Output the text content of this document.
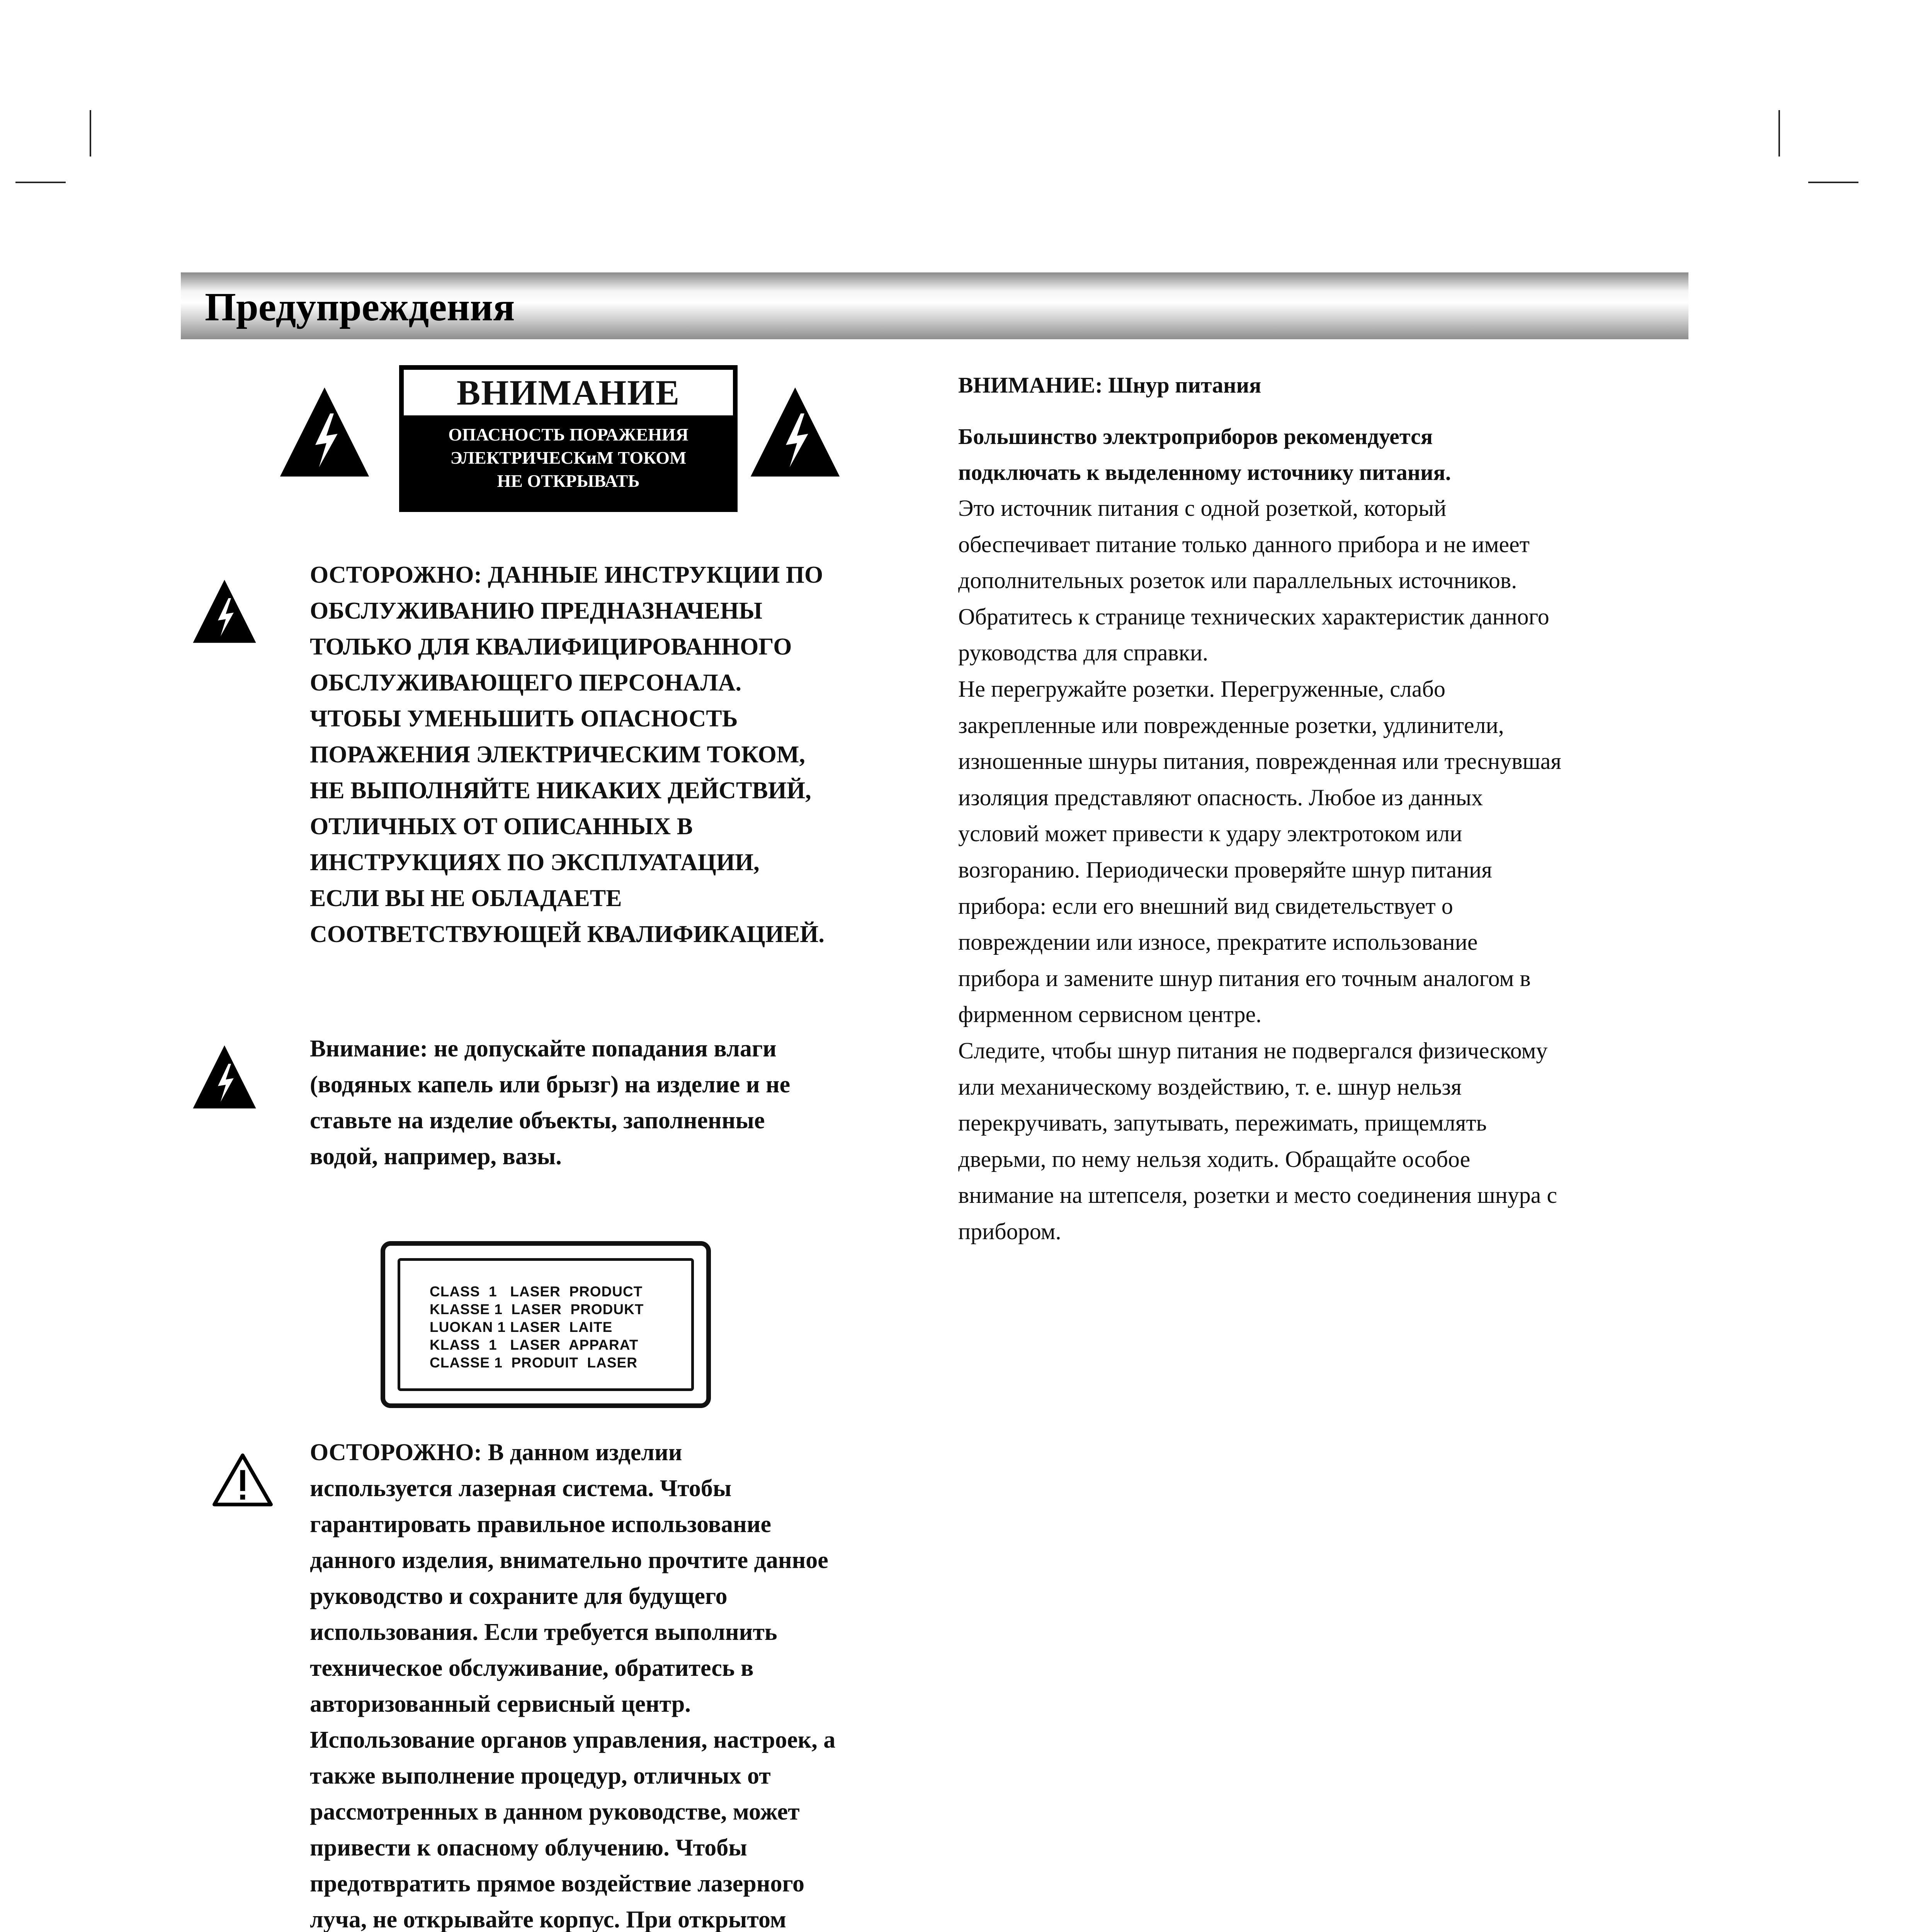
Предупреждения
ВНИМАНИЕ
ОПАСНОСТЬ ПОРАЖЕНИЯ
ЭЛЕКТРИЧЕСКиМ ТОКОМ
НЕ ОТКРЫВАТЬ
ОСТОРОЖНО: ДАННЫЕ ИНСТРУКЦИИ ПО
ОБСЛУЖИВАНИЮ ПРЕДНАЗНАЧЕНЫ
ТОЛЬКО ДЛЯ КВАЛИФИЦИРОВАННОГО
ОБСЛУЖИВАЮЩЕГО ПЕРСОНАЛА.
ЧТОБЫ УМЕНЬШИТЬ ОПАСНОСТЬ
ПОРАЖЕНИЯ ЭЛЕКТРИЧЕСКИМ ТОКОМ,
НЕ ВЫПОЛНЯЙТЕ НИКАКИХ ДЕЙСТВИЙ,
ОТЛИЧНЫХ ОТ ОПИСАННЫХ В
ИНСТРУКЦИЯХ ПО ЭКСПЛУАТАЦИИ,
ЕСЛИ ВЫ НЕ ОБЛАДАЕТЕ
СООТВЕТСТВУЮЩЕЙ КВАЛИФИКАЦИЕЙ.
Внимание: не допускайте попадания влаги
(водяных капель или брызг) на изделие и не
ставьте на изделие объекты, заполненные
водой, например, вазы.
CLASS  1   LASER  PRODUCT
KLASSE 1  LASER  PRODUKT
LUOKAN 1 LASER  LAITE
KLASS  1   LASER  APPARAT
CLASSE 1  PRODUIT  LASER
ОСТОРОЖНО: В данном изделии
используется лазерная система. Чтобы
гарантировать правильное использование
данного изделия, внимательно прочтите данное
руководство и сохраните для будущего
использования. Если требуется выполнить
техническое обслуживание, обратитесь в
авторизованный сервисный центр.
Использование органов управления, настроек, а
также выполнение процедур, отличных от
рассмотренных в данном руководстве, может
привести к опасному облучению. Чтобы
предотвратить прямое воздействие лазерного
луча, не открывайте корпус. При открытом
ВНИМАНИЕ: Шнур питания
Большинство электроприборов рекомендуется
подключать к выделенному источнику питания.
Это источник питания с одной розеткой, который
обеспечивает питание только данного прибора и не имеет
дополнительных розеток или параллельных источников.
Обратитесь к странице технических характеристик данного
руководства для справки.
Не перегружайте розетки. Перегруженные, слабо
закрепленные или поврежденные розетки, удлинители,
изношенные шнуры питания, поврежденная или треснувшая
изоляция представляют опасность. Любое из данных
условий может привести к удару электротоком или
возгоранию. Периодически проверяйте шнур питания
прибора: если его внешний вид свидетельствует о
повреждении или износе, прекратите использование
прибора и замените шнур питания его точным аналогом в
фирменном сервисном центре.
Следите, чтобы шнур питания не подвергался физическому
или механическому воздействию, т. е. шнур нельзя
перекручивать, запутывать, пережимать, прищемлять
дверьми, по нему нельзя ходить. Обращайте особое
внимание на штепселя, розетки и место соединения шнура с
прибором.
